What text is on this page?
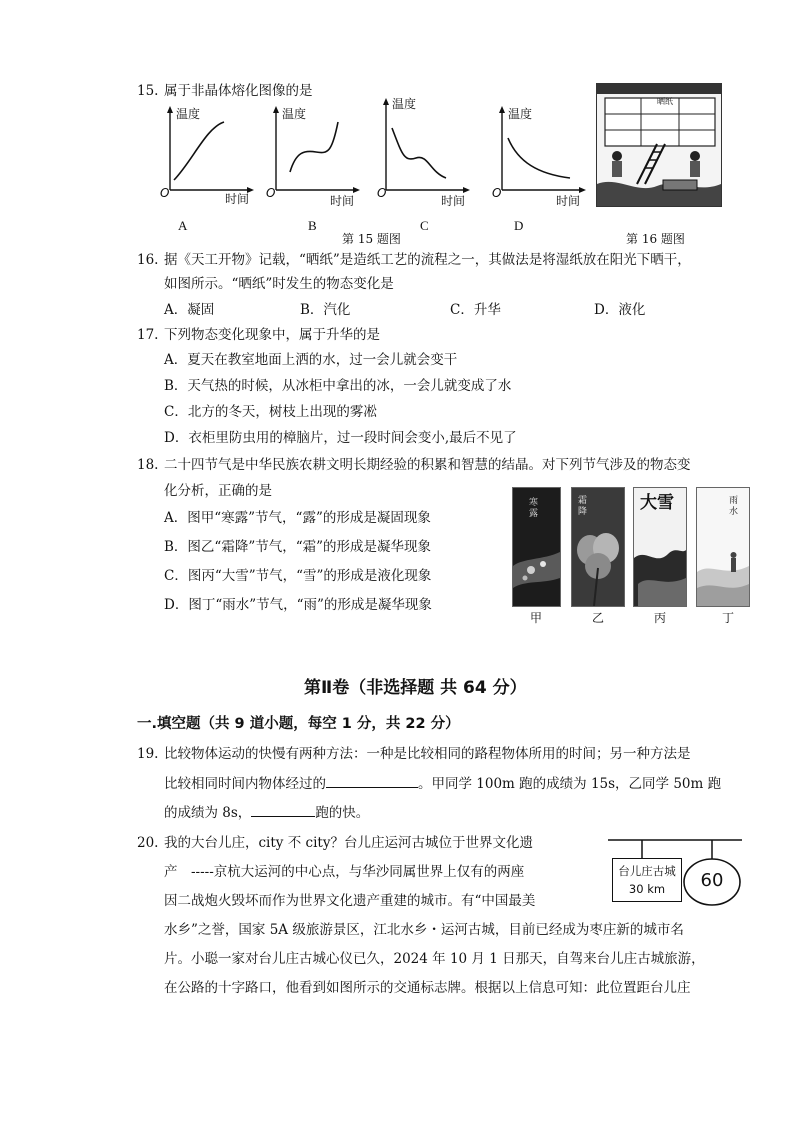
15. 属于非晶体熔化图像的是
温度
时间
O
A
温度
时间
O
B
温度
时间
O
C
温度
时间
O
D
第 15 题图
晒纸
第 16 题图
16. 据《天工开物》记载，“晒纸”是造纸工艺的流程之一，其做法是将湿纸放在阳光下晒干，
如图所示。“晒纸”时发生的物态变化是
A．凝固	B．汽化	C．升华	D．液化
17. 下列物态变化现象中，属于升华的是
A．夏天在教室地面上洒的水，过一会儿就会变干
B．天气热的时候，从冰柜中拿出的冰，一会儿就变成了水
C．北方的冬天，树枝上出现的雾凇
D．衣柜里防虫用的樟脑片，过一段时间会变小,最后不见了
18. 二十四节气是中华民族农耕文明长期经验的积累和智慧的结晶。对下列节气涉及的物态变
化分析，正确的是
A．图甲“寒露”节气，“露”的形成是凝固现象
B．图乙“霜降”节气，“霜”的形成是凝华现象
C．图丙“大雪”节气，“雪”的形成是液化现象
D．图丁“雨水”节气，“雨”的形成是凝华现象
寒露
霜降	大雪	雨水
甲	乙	丙	丁
第Ⅱ卷（非选择题 共 64 分）
一.填空题（共 9 道小题，每空 1 分，共 22 分）
19. 比较物体运动的快慢有两种方法：一种是比较相同的路程物体所用的时间；另一种方法是
比较相同时间内物体经过的	。甲同学 100m 跑的成绩为 15s，乙同学 50m 跑
的成绩为 8s，	跑的快。
20. 我的大台儿庄，city 不 city？台儿庄运河古城位于世界文化遗
产　-----京杭大运河的中心点，与华沙同属世界上仅有的两座
因二战炮火毁坏而作为世界文化遗产重建的城市。有“中国最美
水乡”之誉，国家 5A 级旅游景区，江北水乡・运河古城，目前已经成为枣庄新的城市名
片。小聪一家对台儿庄古城心仪已久，2024 年 10 月 1 日那天，自驾来台儿庄古城旅游，
在公路的十字路口，他看到如图所示的交通标志牌。根据以上信息可知：此位置距台儿庄
台儿庄古城
30 km	60
